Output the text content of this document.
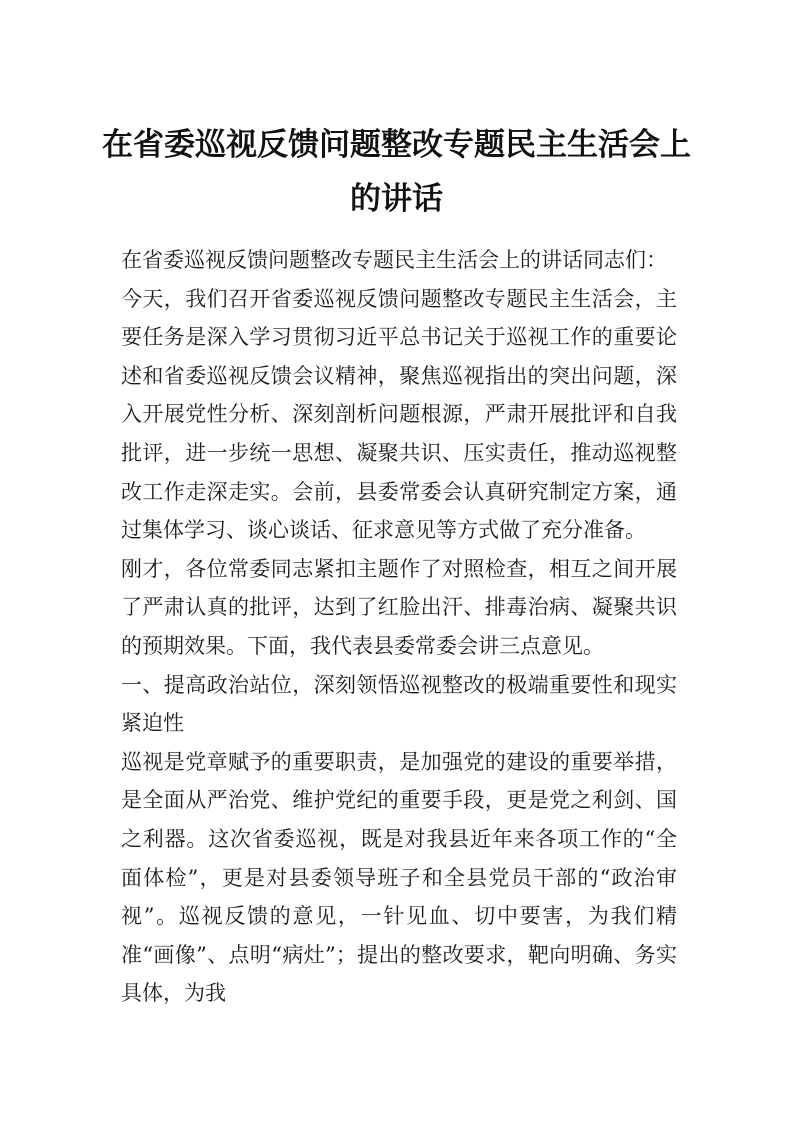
在省委巡视反馈问题整改专题民主生活会上的讲话

在省委巡视反馈问题整改专题民主生活会上的讲话同志们：

今天，我们召开省委巡视反馈问题整改专题民主生活会，主要任务是深入学习贯彻习近平总书记关于巡视工作的重要论述和省委巡视反馈会议精神，聚焦巡视指出的突出问题，深入开展党性分析、深刻剖析问题根源，严肃开展批评和自我批评，进一步统一思想、凝聚共识、压实责任，推动巡视整改工作走深走实。会前，县委常委会认真研究制定方案，通过集体学习、谈心谈话、征求意见等方式做了充分准备。

刚才，各位常委同志紧扣主题作了对照检查，相互之间开展了严肃认真的批评，达到了红脸出汗、排毒治病、凝聚共识的预期效果。下面，我代表县委常委会讲三点意见。

一、提高政治站位，深刻领悟巡视整改的极端重要性和现实紧迫性

巡视是党章赋予的重要职责，是加强党的建设的重要举措，是全面从严治党、维护党纪的重要手段，更是党之利剑、国之利器。这次省委巡视，既是对我县近年来各项工作的“全面体检”，更是对县委领导班子和全县党员干部的“政治审视”。巡视反馈的意见，一针见血、切中要害，为我们精准“画像”、点明“病灶”；提出的整改要求，靶向明确、务实具体，为我
